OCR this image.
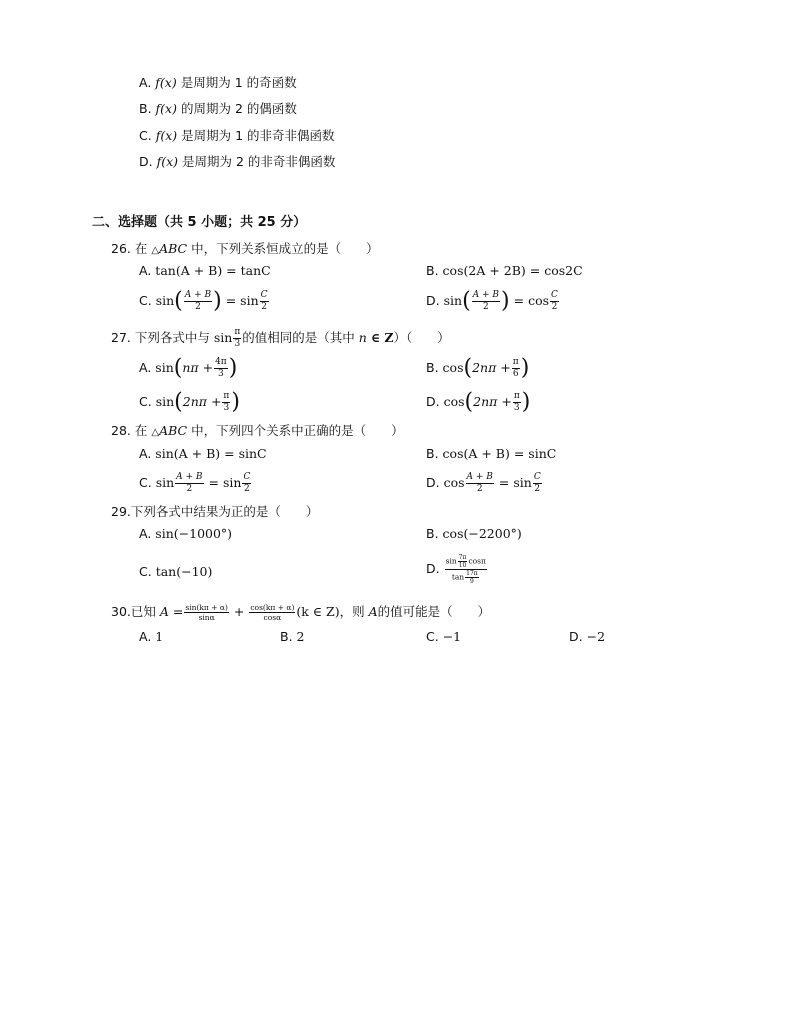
A. f(x) 是周期为 1 的奇函数
B. f(x) 的周期为 2 的偶函数
C. f(x) 是周期为 1 的非奇非偶函数
D. f(x) 是周期为 2 的非奇非偶函数
二、选择题（共 5 小题；共 25 分）
26. 在 △ABC 中，下列关系恒成立的是（　　）
A. tan(A + B) = tanC	B. cos(2A + 2B) = cos2C
C. $\sin( \frac{A + B}{2}$ ) = $\sin \frac{C}{2}$	D. $\sin( \frac{A + B}{2}$ ) = $\cos \frac{C}{2}$
27. 下列各式中与 $\sin \frac{\pi}{3}$ 的值相同的是（其中 n ∈ Z）（　　）
A. $\sin(n\pi + \frac{4\pi}{3}$ )	B. $\cos(2n\pi + \frac{\pi}{6}$ )
C. $\sin(2n\pi + \frac{\pi}{3}$ )	D. $\cos(2n\pi + \frac{\pi}{3}$ )
28. 在 △ABC 中，下列四个关系中正确的是（　　）
A. sin(A + B) = sinC	B. cos(A + B) = sinC
C. $\sin \frac{A + B}{2} = \sin \frac{C}{2}$	D. $\cos \frac{A + B}{2} = \sin \frac{C}{2}$
29.下列各式中结果为正的是（　　）
A. sin(−1000°)	B. cos(−2200°)
C. tan(−10)	D. $\frac{\sin \frac{7\pi}{10} \cos\pi}{\tan \frac{17\pi}{9}}$
30.已知 $A = \frac{\sin(k\pi + \alpha)}{\sin\alpha} + \frac{\cos(k\pi + \alpha)}{\cos\alpha} (k$ ∈ Z)，则 A的值可能是（　　）
A. 1	B. 2	C. −1	D. −2
